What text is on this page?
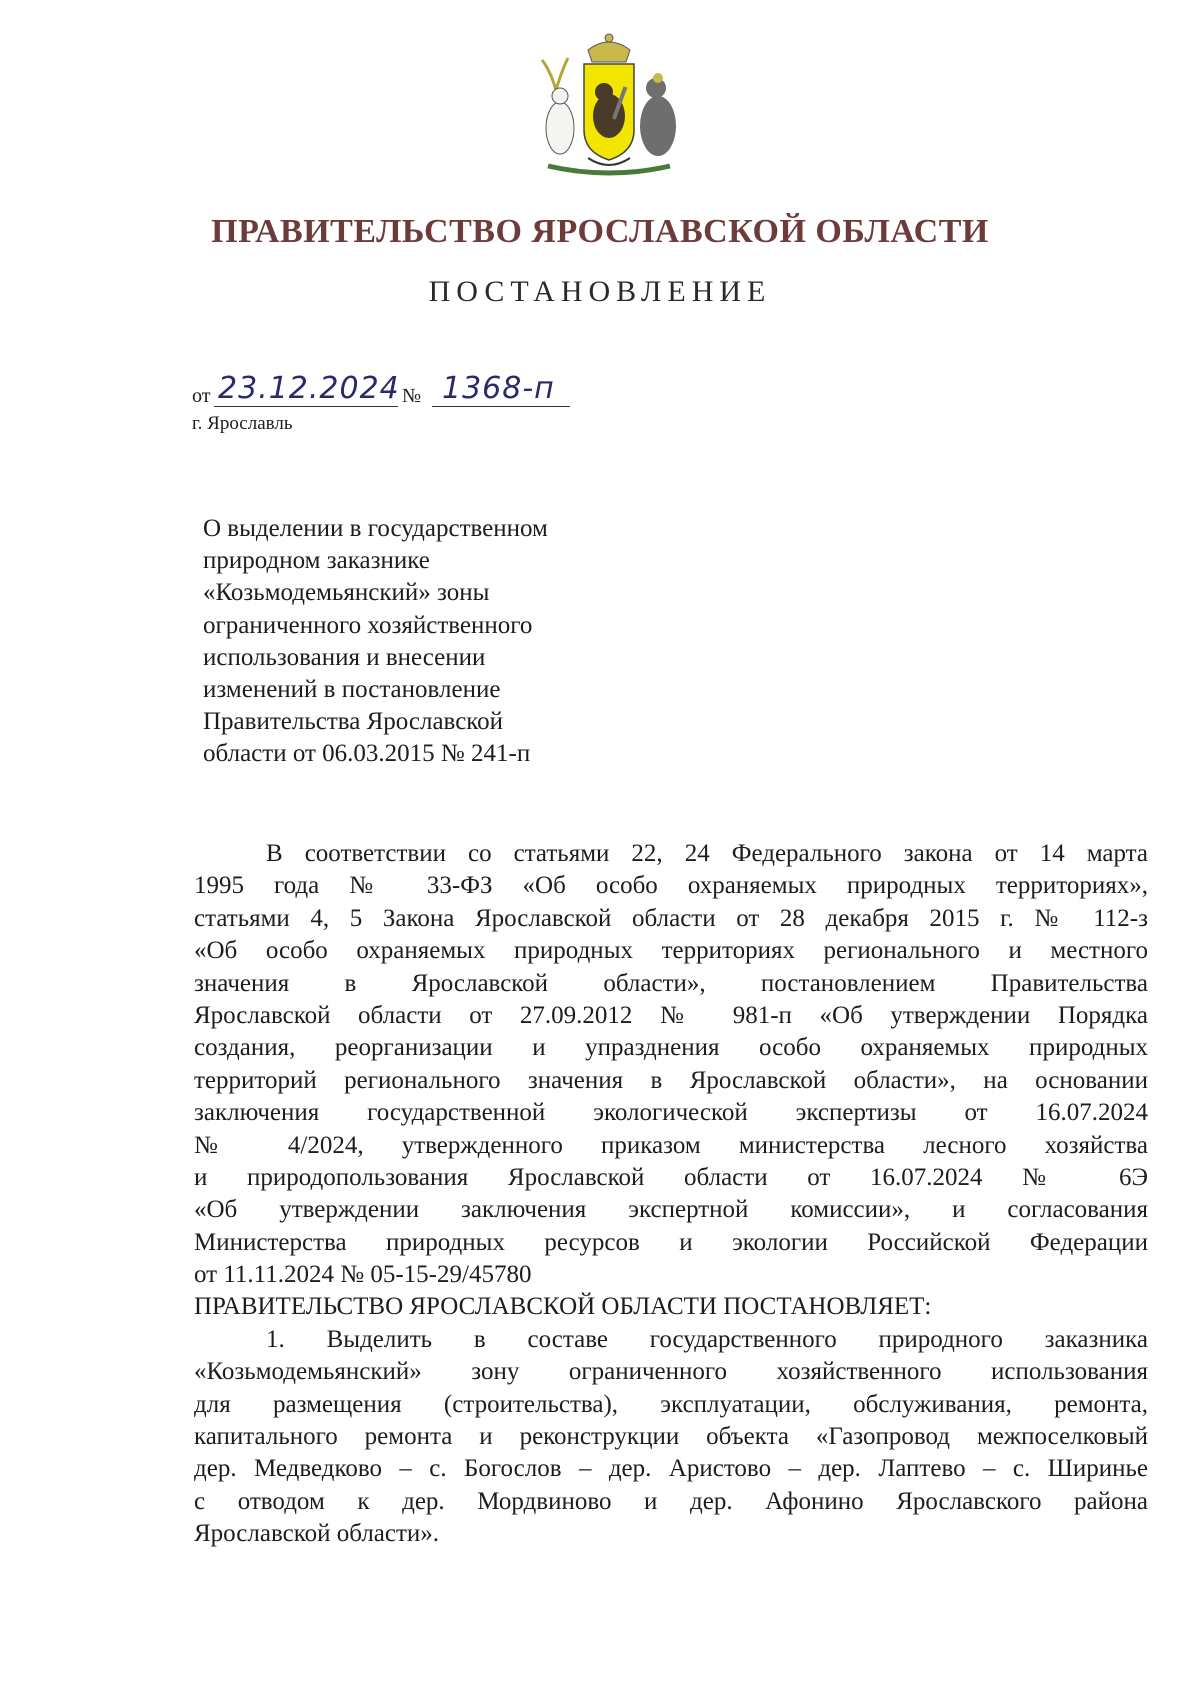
ПРАВИТЕЛЬСТВО ЯРОСЛАВСКОЙ ОБЛАСТИ
ПОСТАНОВЛЕНИЕ
от 23.12.2024 № 1368-п
г. Ярославль
О выделении в государственном
природном заказнике
«Козьмодемьянский» зоны
ограниченного хозяйственного
использования и внесении
изменений в постановление
Правительства Ярославской
области от 06.03.2015 № 241-п
В соответствии со статьями 22, 24 Федерального закона от 14 марта
1995 года № 33-ФЗ «Об особо охраняемых природных территориях»,
статьями 4, 5 Закона Ярославской области от 28 декабря 2015 г. № 112-з
«Об особо охраняемых природных территориях регионального и местного
значения в Ярославской области», постановлением Правительства
Ярославской области от 27.09.2012 № 981-п «Об утверждении Порядка
создания, реорганизации и упразднения особо охраняемых природных
территорий регионального значения в Ярославской области», на основании
заключения государственной экологической экспертизы от 16.07.2024
№ 4/2024, утвержденного приказом министерства лесного хозяйства
и природопользования Ярославской области от 16.07.2024 № 6Э
«Об утверждении заключения экспертной комиссии», и согласования
Министерства природных ресурсов и экологии Российской Федерации
от 11.11.2024 № 05-15-29/45780
ПРАВИТЕЛЬСТВО ЯРОСЛАВСКОЙ ОБЛАСТИ ПОСТАНОВЛЯЕТ:
1. Выделить в составе государственного природного заказника
«Козьмодемьянский» зону ограниченного хозяйственного использования
для размещения (строительства), эксплуатации, обслуживания, ремонта,
капитального ремонта и реконструкции объекта «Газопровод межпоселковый
дер. Медведково – с. Богослов – дер. Аристово – дер. Лаптево – с. Ширинье
с отводом к дер. Мордвиново и дер. Афонино Ярославского района
Ярославской области».
